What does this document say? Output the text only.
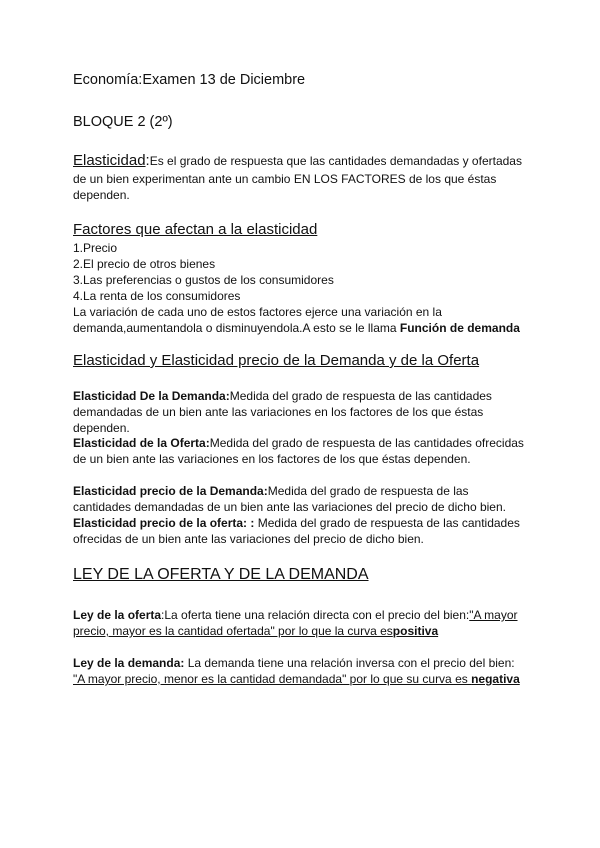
Economía:Examen 13 de Diciembre
BLOQUE 2 (2º)
Elasticidad:Es el grado de respuesta que las cantidades demandadas y ofertadas
de un bien experimentan ante un cambio EN LOS FACTORES de los que éstas
dependen.
Factores que afectan a la elasticidad
1.Precio
2.El precio de otros bienes
3.Las preferencias o gustos de los consumidores
4.La renta de los consumidores
La variación de cada uno de estos factores ejerce una variación en la
demanda,aumentandola o disminuyendola.A esto se le llama Función de demanda
Elasticidad y Elasticidad precio de la Demanda y de la Oferta
Elasticidad De la Demanda:Medida del grado de respuesta de las cantidades
demandadas de un bien ante las variaciones en los factores de los que éstas
dependen.
Elasticidad de la Oferta:Medida del grado de respuesta de las cantidades ofrecidas
de un bien ante las variaciones en los factores de los que éstas dependen.
Elasticidad precio de la Demanda:Medida del grado de respuesta de las
cantidades demandadas de un bien ante las variaciones del precio de dicho bien.
Elasticidad precio de la oferta: : Medida del grado de respuesta de las cantidades
ofrecidas de un bien ante las variaciones del precio de dicho bien.
LEY DE LA OFERTA Y DE LA DEMANDA
Ley de la oferta:La oferta tiene una relación directa con el precio del bien:"A mayor
precio, mayor es la cantidad ofertada" por lo que la curva espositiva
Ley de la demanda: La demanda tiene una relación inversa con el precio del bien:
"A mayor precio, menor es la cantidad demandada" por lo que su curva es negativa
